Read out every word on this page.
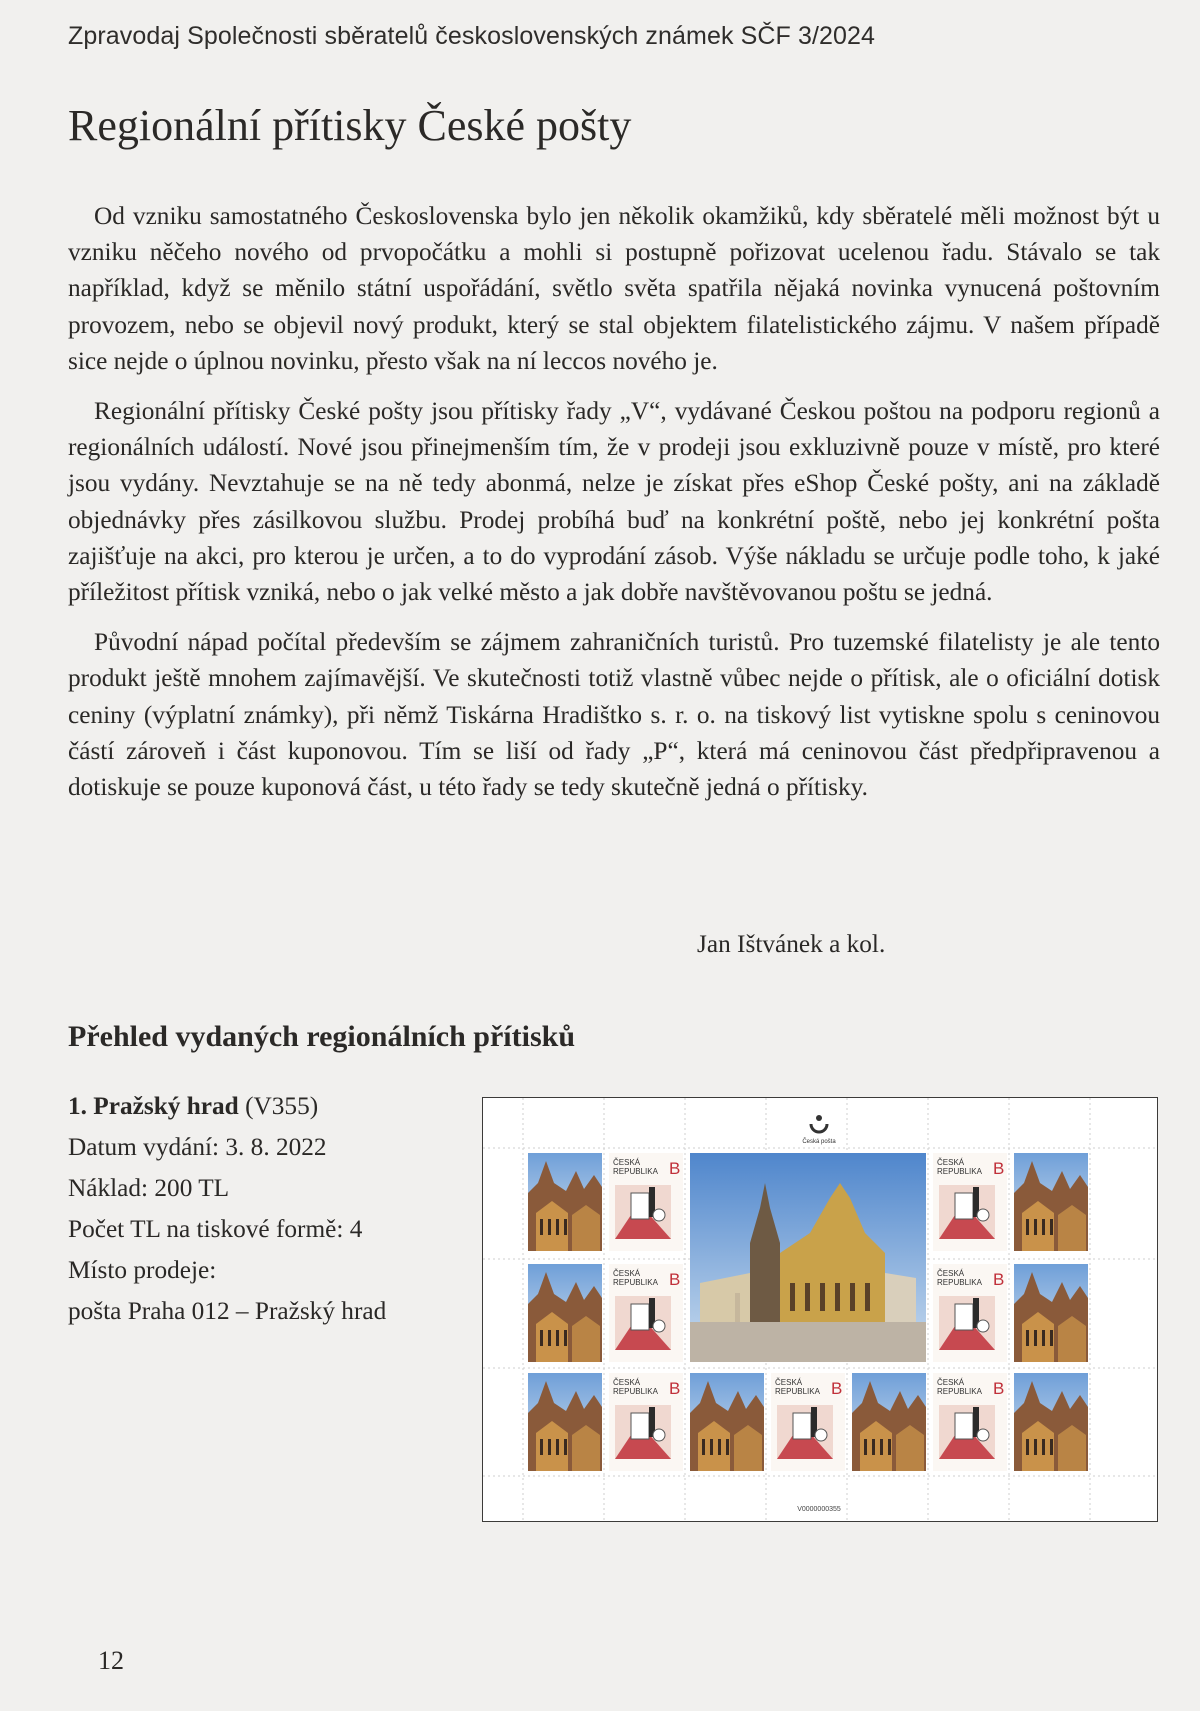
Zpravodaj Společnosti sběratelů československých známek SČF 3/2024
Regionální přítisky České pošty

Od vzniku samostatného Československa bylo jen několik okamžiků, kdy sběratelé měli možnost být u vzniku něčeho nového od prvopočátku a mohli si postupně pořizovat ucelenou řadu. Stávalo se tak například, když se měnilo státní uspořádání, světlo světa spatřila nějaká novinka vynucená poštovním provozem, nebo se objevil nový produkt, který se stal objektem filatelistického zájmu. V našem případě sice nejde o úplnou novinku, přesto však na ní leccos nového je.

Regionální přítisky České pošty jsou přítisky řady „V“, vydávané Českou poštou na podporu regionů a regionálních událostí. Nové jsou přinejmenším tím, že v prodeji jsou exkluzivně pouze v místě, pro které jsou vydány. Nevztahuje se na ně tedy abonmá, nelze je získat přes eShop České pošty, ani na základě objednávky přes zásilkovou službu. Prodej probíhá buď na konkrétní poště, nebo jej konkrétní pošta zajišťuje na akci, pro kterou je určen, a to do vyprodání zásob. Výše nákladu se určuje podle toho, k jaké příležitost přítisk vzniká, nebo o jak velké město a jak dobře navštěvovanou poštu se jedná.

Původní nápad počítal především se zájmem zahraničních turistů. Pro tuzemské filatelisty je ale tento produkt ještě mnohem zajímavější. Ve skutečnosti totiž vlastně vůbec nejde o přítisk, ale o oficiální dotisk ceniny (výplatní známky), při němž Tiskárna Hradištko s. r. o. na tiskový list vytiskne spolu s ceninovou částí zároveň i část kuponovou. Tím se liší od řady „P“, která má ceninovou část předpřipravenou a dotiskuje se pouze kuponová část, u této řady se tedy skutečně jedná o přítisky.

Jan Ištvánek a kol.
Přehled vydaných regionálních přítisků
1. Pražský hrad (V355)
Datum vydání: 3. 8. 2022
Náklad: 200 TL
Počet TL na tiskové formě: 4
Místo prodeje:
pošta Praha 012 – Pražský hrad
ČESKÁ
REPUBLIKA B	ČESKÁ
REPUBLIKA B
ČESKÁ
REPUBLIKA B	ČESKÁ
REPUBLIKA B
ČESKÁ
REPUBLIKA B	ČESKÁ
REPUBLIKA B	ČESKÁ
REPUBLIKA B
Česká pošta
V0000000355
12
